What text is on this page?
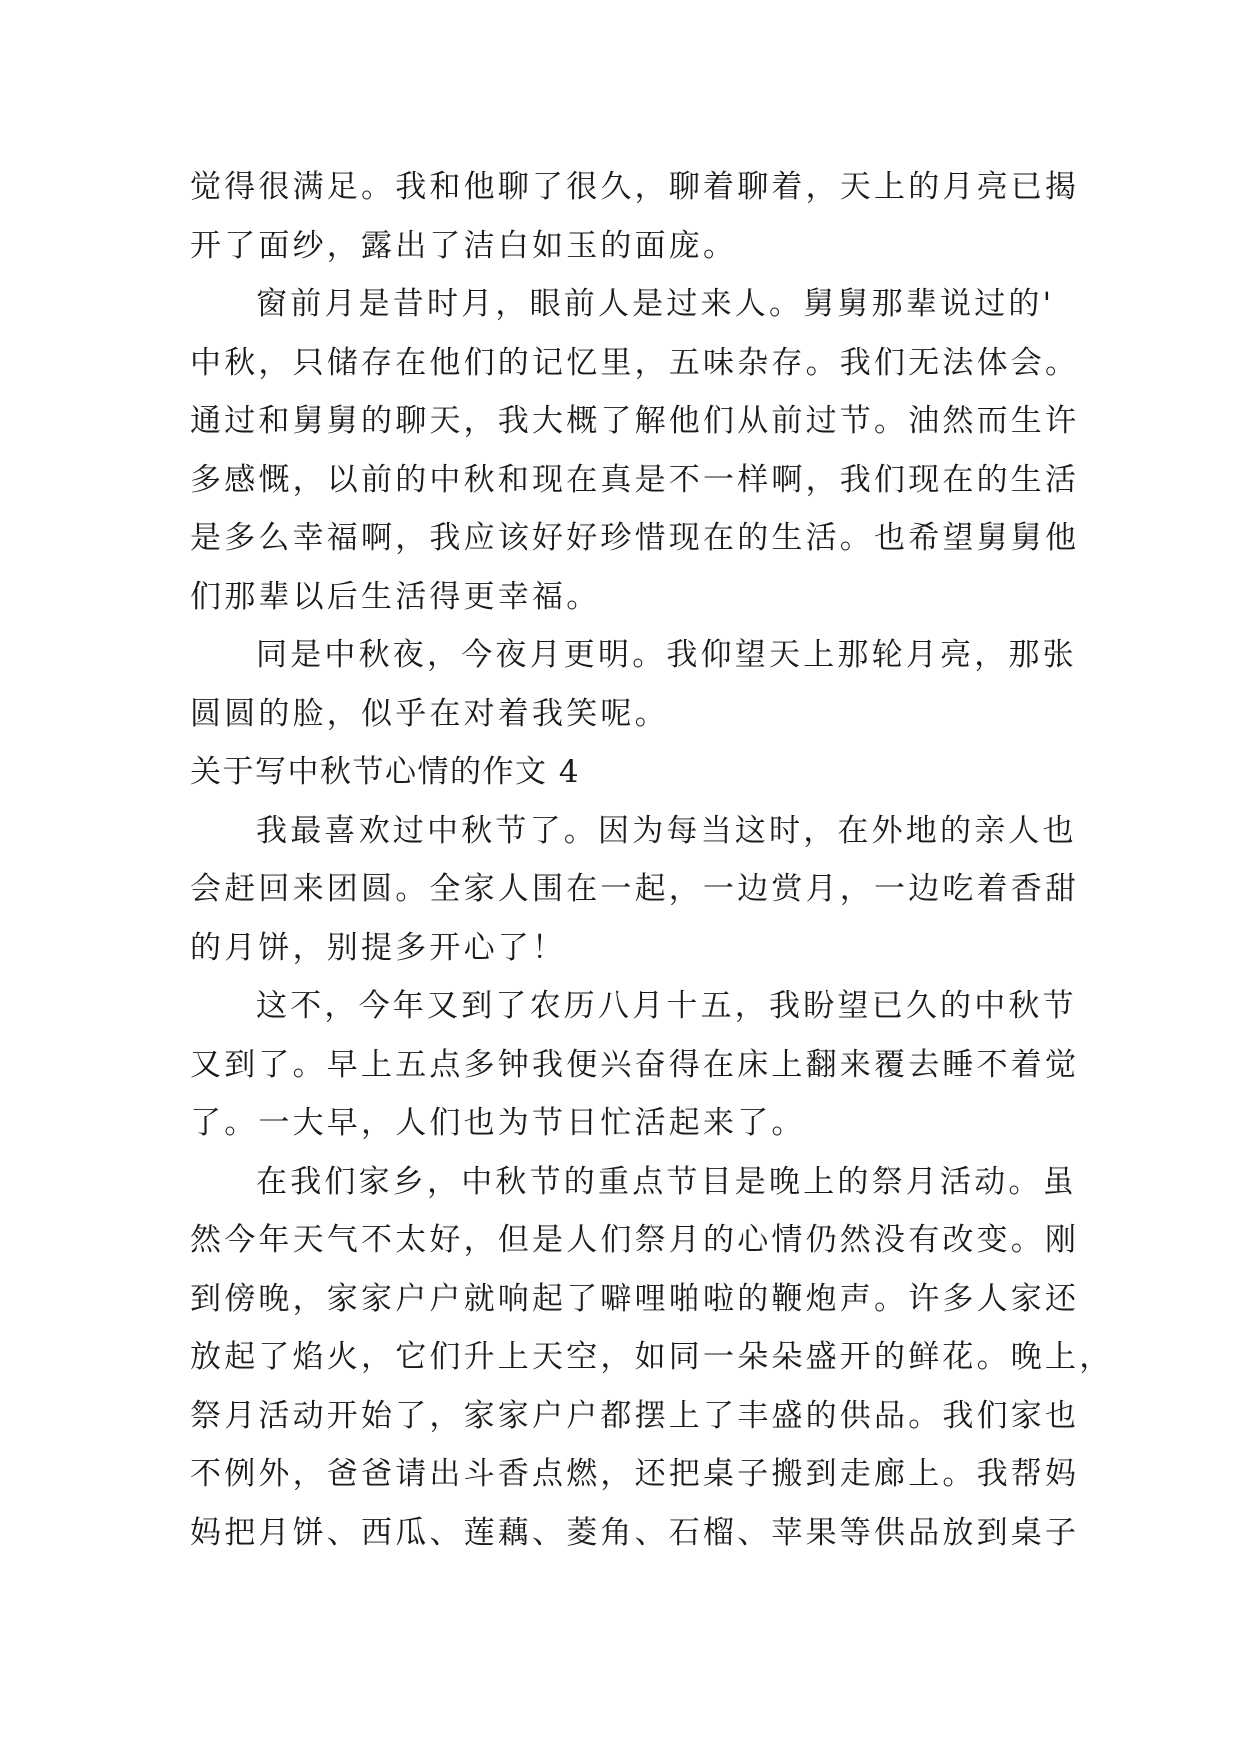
觉得很满足。我和他聊了很久，聊着聊着，天上的月亮已揭
开了面纱，露出了洁白如玉的面庞。
窗前月是昔时月，眼前人是过来人。舅舅那辈说过的'
中秋，只储存在他们的记忆里，五味杂存。我们无法体会。
通过和舅舅的聊天，我大概了解他们从前过节。油然而生许
多感慨，以前的中秋和现在真是不一样啊，我们现在的生活
是多么幸福啊，我应该好好珍惜现在的生活。也希望舅舅他
们那辈以后生活得更幸福。
同是中秋夜，今夜月更明。我仰望天上那轮月亮，那张
圆圆的脸，似乎在对着我笑呢。
关于写中秋节心情的作文 4
我最喜欢过中秋节了。因为每当这时，在外地的亲人也
会赶回来团圆。全家人围在一起，一边赏月，一边吃着香甜
的月饼，别提多开心了！
这不，今年又到了农历八月十五，我盼望已久的中秋节
又到了。早上五点多钟我便兴奋得在床上翻来覆去睡不着觉
了。一大早，人们也为节日忙活起来了。
在我们家乡，中秋节的重点节目是晚上的祭月活动。虽
然今年天气不太好，但是人们祭月的心情仍然没有改变。刚
到傍晚，家家户户就响起了噼哩啪啦的鞭炮声。许多人家还
放起了焰火，它们升上天空，如同一朵朵盛开的鲜花。晚上，
祭月活动开始了，家家户户都摆上了丰盛的供品。我们家也
不例外，爸爸请出斗香点燃，还把桌子搬到走廊上。我帮妈
妈把月饼、西瓜、莲藕、菱角、石榴、苹果等供品放到桌子
